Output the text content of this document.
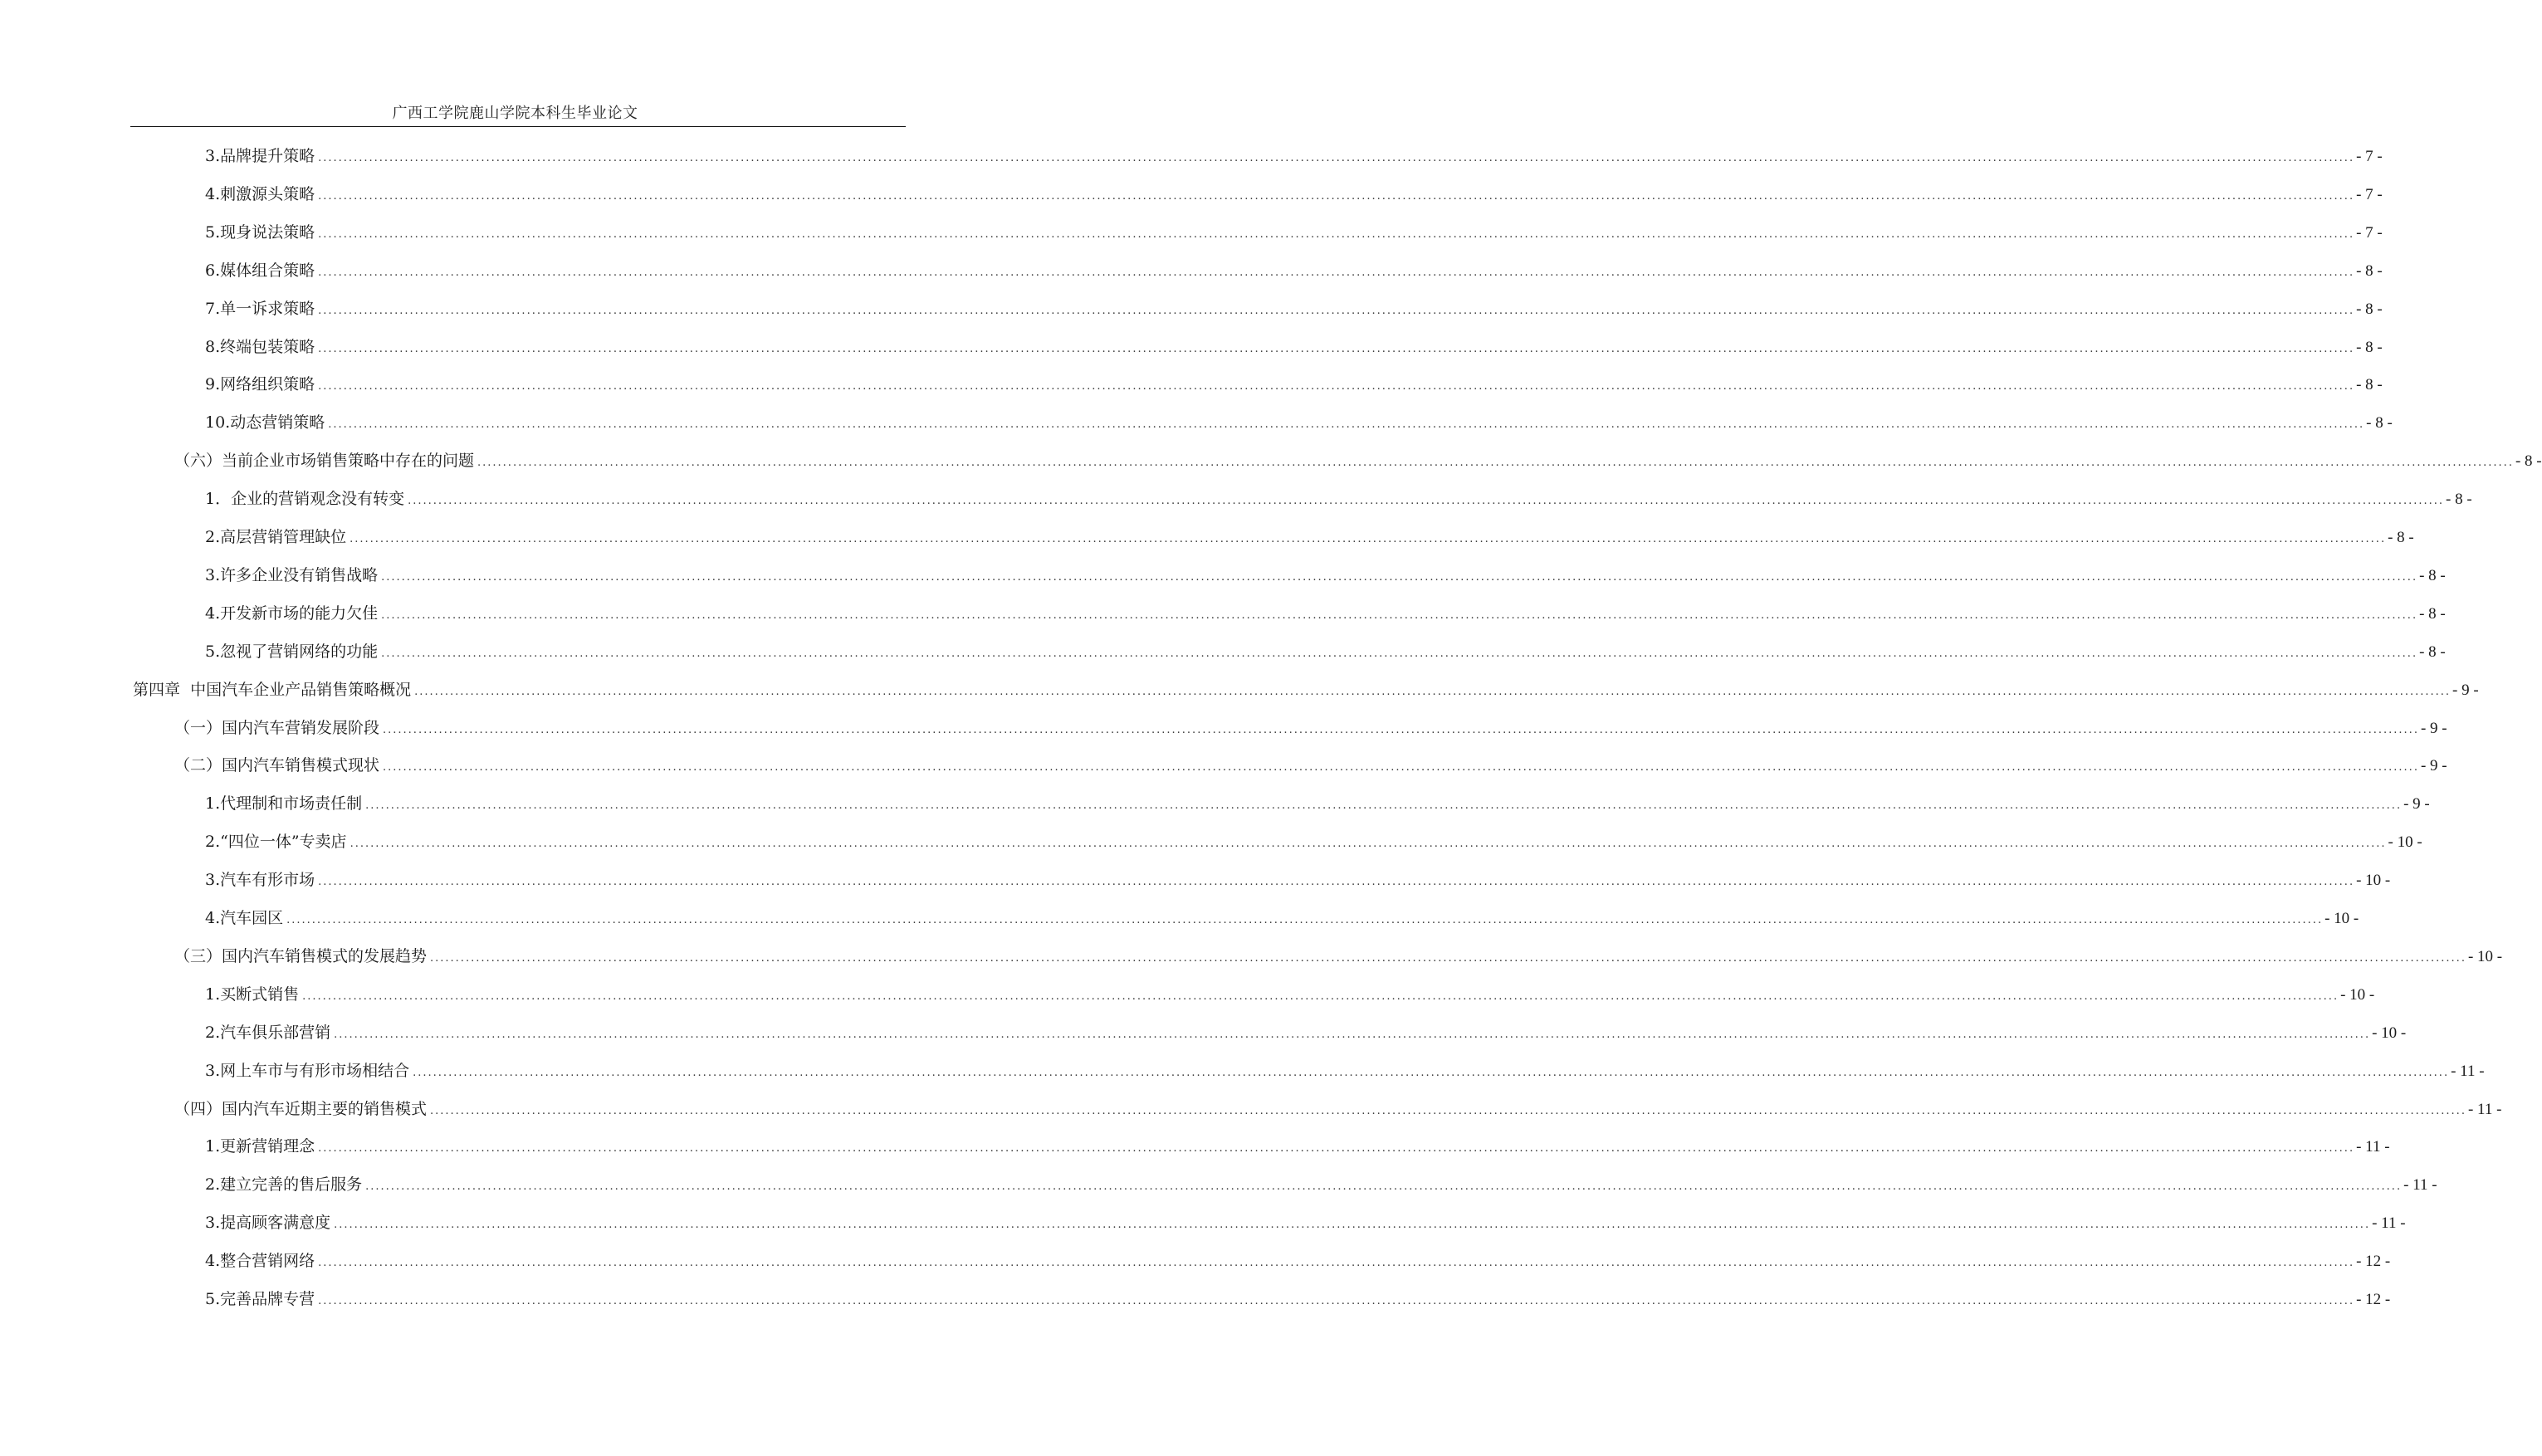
广西工学院鹿山学院本科生毕业论文
3.品牌提升策略 ................................................................................................................................................................................................................................................................................................................................................................................................................ - 7 -
4.刺激源头策略 ................................................................................................................................................................................................................................................................................................................................................................................................................ - 7 -
5.现身说法策略 ................................................................................................................................................................................................................................................................................................................................................................................................................ - 7 -
6.媒体组合策略 ................................................................................................................................................................................................................................................................................................................................................................................................................ - 8 -
7.单一诉求策略 ................................................................................................................................................................................................................................................................................................................................................................................................................ - 8 -
8.终端包装策略 ................................................................................................................................................................................................................................................................................................................................................................................................................ - 8 -
9.网络组织策略 ................................................................................................................................................................................................................................................................................................................................................................................................................ - 8 -
10.动态营销策略 ................................................................................................................................................................................................................................................................................................................................................................................................................ - 8 -
（六）当前企业市场销售策略中存在的问题 ................................................................................................................................................................................................................................................................................................................................................................................................................ - 8 -
1．企业的营销观念没有转变 ................................................................................................................................................................................................................................................................................................................................................................................................................ - 8 -
2.高层营销管理缺位 ................................................................................................................................................................................................................................................................................................................................................................................................................ - 8 -
3.许多企业没有销售战略 ................................................................................................................................................................................................................................................................................................................................................................................................................ - 8 -
4.开发新市场的能力欠佳 ................................................................................................................................................................................................................................................................................................................................................................................................................ - 8 -
5.忽视了营销网络的功能 ................................................................................................................................................................................................................................................................................................................................................................................................................ - 8 -
第四章  中国汽车企业产品销售策略概况 ................................................................................................................................................................................................................................................................................................................................................................................................................ - 9 -
（一）国内汽车营销发展阶段 ................................................................................................................................................................................................................................................................................................................................................................................................................ - 9 -
（二）国内汽车销售模式现状 ................................................................................................................................................................................................................................................................................................................................................................................................................ - 9 -
1.代理制和市场责任制 ................................................................................................................................................................................................................................................................................................................................................................................................................ - 9 -
2.“四位一体”专卖店 ................................................................................................................................................................................................................................................................................................................................................................................................................ - 10 -
3.汽车有形市场 ................................................................................................................................................................................................................................................................................................................................................................................................................ - 10 -
4.汽车园区 ................................................................................................................................................................................................................................................................................................................................................................................................................ - 10 -
（三）国内汽车销售模式的发展趋势 ................................................................................................................................................................................................................................................................................................................................................................................................................ - 10 -
1.买断式销售 ................................................................................................................................................................................................................................................................................................................................................................................................................ - 10 -
2.汽车俱乐部营销 ................................................................................................................................................................................................................................................................................................................................................................................................................ - 10 -
3.网上车市与有形市场相结合 ................................................................................................................................................................................................................................................................................................................................................................................................................ - 11 -
（四）国内汽车近期主要的销售模式 ................................................................................................................................................................................................................................................................................................................................................................................................................ - 11 -
1.更新营销理念 ................................................................................................................................................................................................................................................................................................................................................................................................................ - 11 -
2.建立完善的售后服务 ................................................................................................................................................................................................................................................................................................................................................................................................................ - 11 -
3.提高顾客满意度 ................................................................................................................................................................................................................................................................................................................................................................................................................ - 11 -
4.整合营销网络 ................................................................................................................................................................................................................................................................................................................................................................................................................ - 12 -
5.完善品牌专营 ................................................................................................................................................................................................................................................................................................................................................................................................................ - 12 -
